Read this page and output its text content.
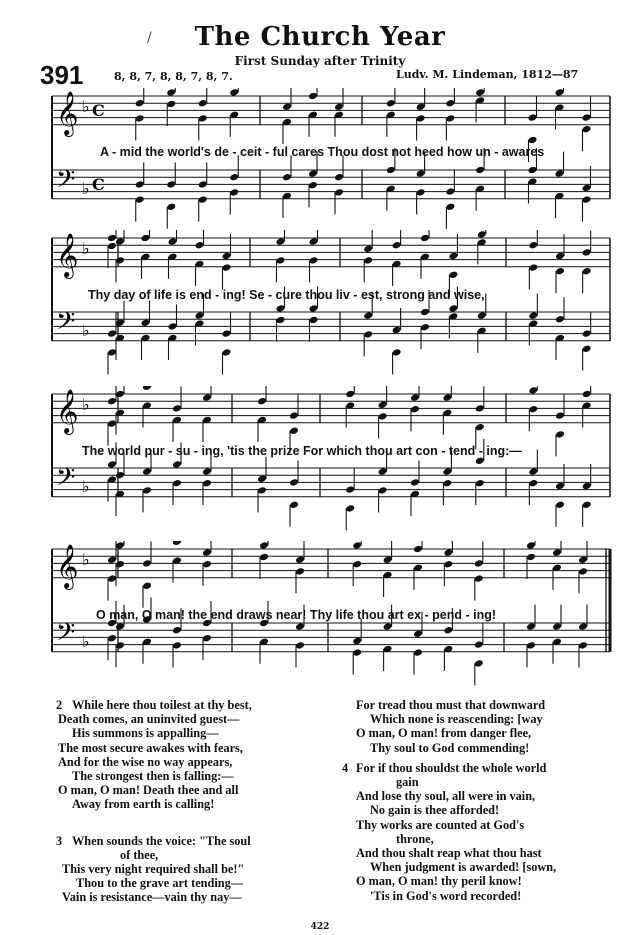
/	The Church Year
First Sunday after Trinity
391	8, 8, 7, 8, 8, 7, 8, 7.	Ludv. M. Lindeman, 1812—87
𝄞 ♭ C
𝄢 ♭ C
A - mid the world's de - ceit - ful cares Thou dost not heed how un - awares
𝄞 ♭
𝄢 ♭
Thy day of life is end - ing! Se - cure thou liv - est, strong and wise,
𝄞 ♭
𝄢 ♭
The world pur - su - ing, 'tis the prize For which thou art con - tend - ing:—
𝄞 ♭
𝄢 ♭
O man, O man! the end draws near! Thy life thou art ex - pend - ing!
2 While here thou toilest at thy best,
Death comes, an uninvited guest—
His summons is appalling—
The most secure awakes with fears,
And for the wise no way appears,
The strongest then is falling:—
O man, O man! Death thee and all
Away from earth is calling!
3 When sounds the voice: "The soul
of thee,
This very night required shall be!"
Thou to the grave art tending—
Vain is resistance—vain thy nay—
For tread thou must that downward
Which none is reascending: [way
O man, O man! from danger flee,
Thy soul to God commending!
4 For if thou shouldst the whole world
gain
And lose thy soul, all were in vain,
No gain is thee afforded!
Thy works are counted at God's
throne,
And thou shalt reap what thou hast
When judgment is awarded! [sown,
O man, O man! thy peril know!
'Tis in God's word recorded!
422
